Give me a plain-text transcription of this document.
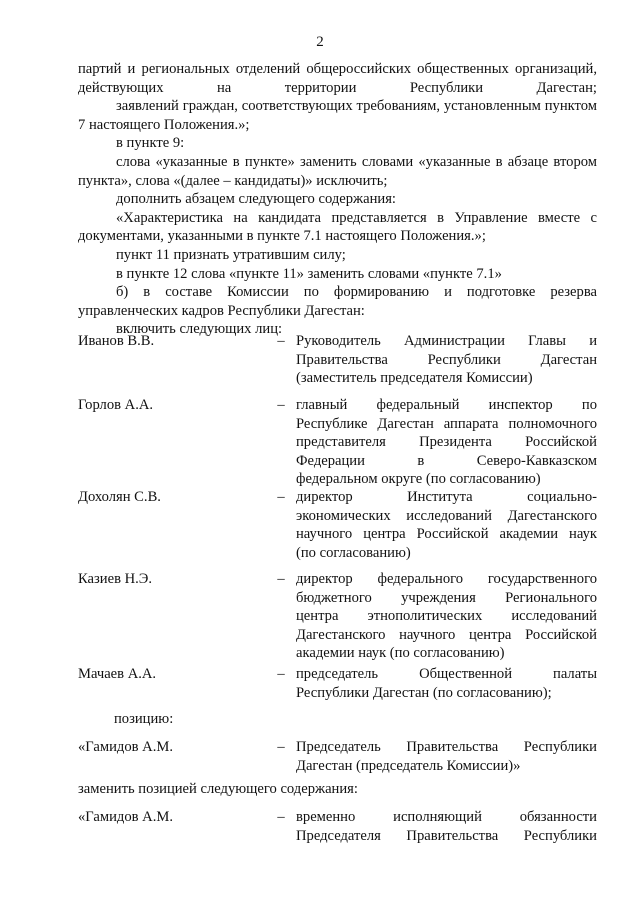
2

партий и региональных отделений общероссийских общественных организаций, действующих на территории Республики Дагестан;

заявлений граждан, соответствующих требованиям, установленным пунктом 7 настоящего Положения.»;

в пункте 9:

слова «указанные в пункте» заменить словами «указанные в абзаце втором пункта», слова «(далее – кандидаты)» исключить;

дополнить абзацем следующего содержания:

«Характеристика на кандидата представляется в Управление вместе с документами, указанными в пункте 7.1 настоящего Положения.»;

пункт 11 признать утратившим силу;

в пункте 12 слова «пункте 11» заменить словами «пункте 7.1»

б) в составе Комиссии по формированию и подготовке резерва управленческих кадров Республики Дагестан:

включить следующих лиц:

Иванов В.В.	– Руководитель Администрации Главы и
Правительства Республики Дагестан
(заместитель председателя Комиссии)
Горлов А.А.	– главный федеральный инспектор по
Республике Дагестан аппарата полномочного
представителя Президента Российской
Федерации в Северо-Кавказском
федеральном округе (по согласованию)
Дохолян С.В.	– директор Института социально-
экономических исследований Дагестанского
научного центра Российской академии наук
(по согласованию)
Казиев Н.Э.	– директор федерального государственного
бюджетного учреждения Регионального
центра этнополитических исследований
Дагестанского научного центра Российской
академии наук (по согласованию)
Мачаев А.А.	– председатель Общественной палаты
Республики Дагестан (по согласованию);
позицию:
«Гамидов А.М.	– Председатель Правительства Республики
Дагестан (председатель Комиссии)»
заменить позицией следующего содержания:
«Гамидов А.М.	– временно исполняющий обязанности
Председателя Правительства Республики
